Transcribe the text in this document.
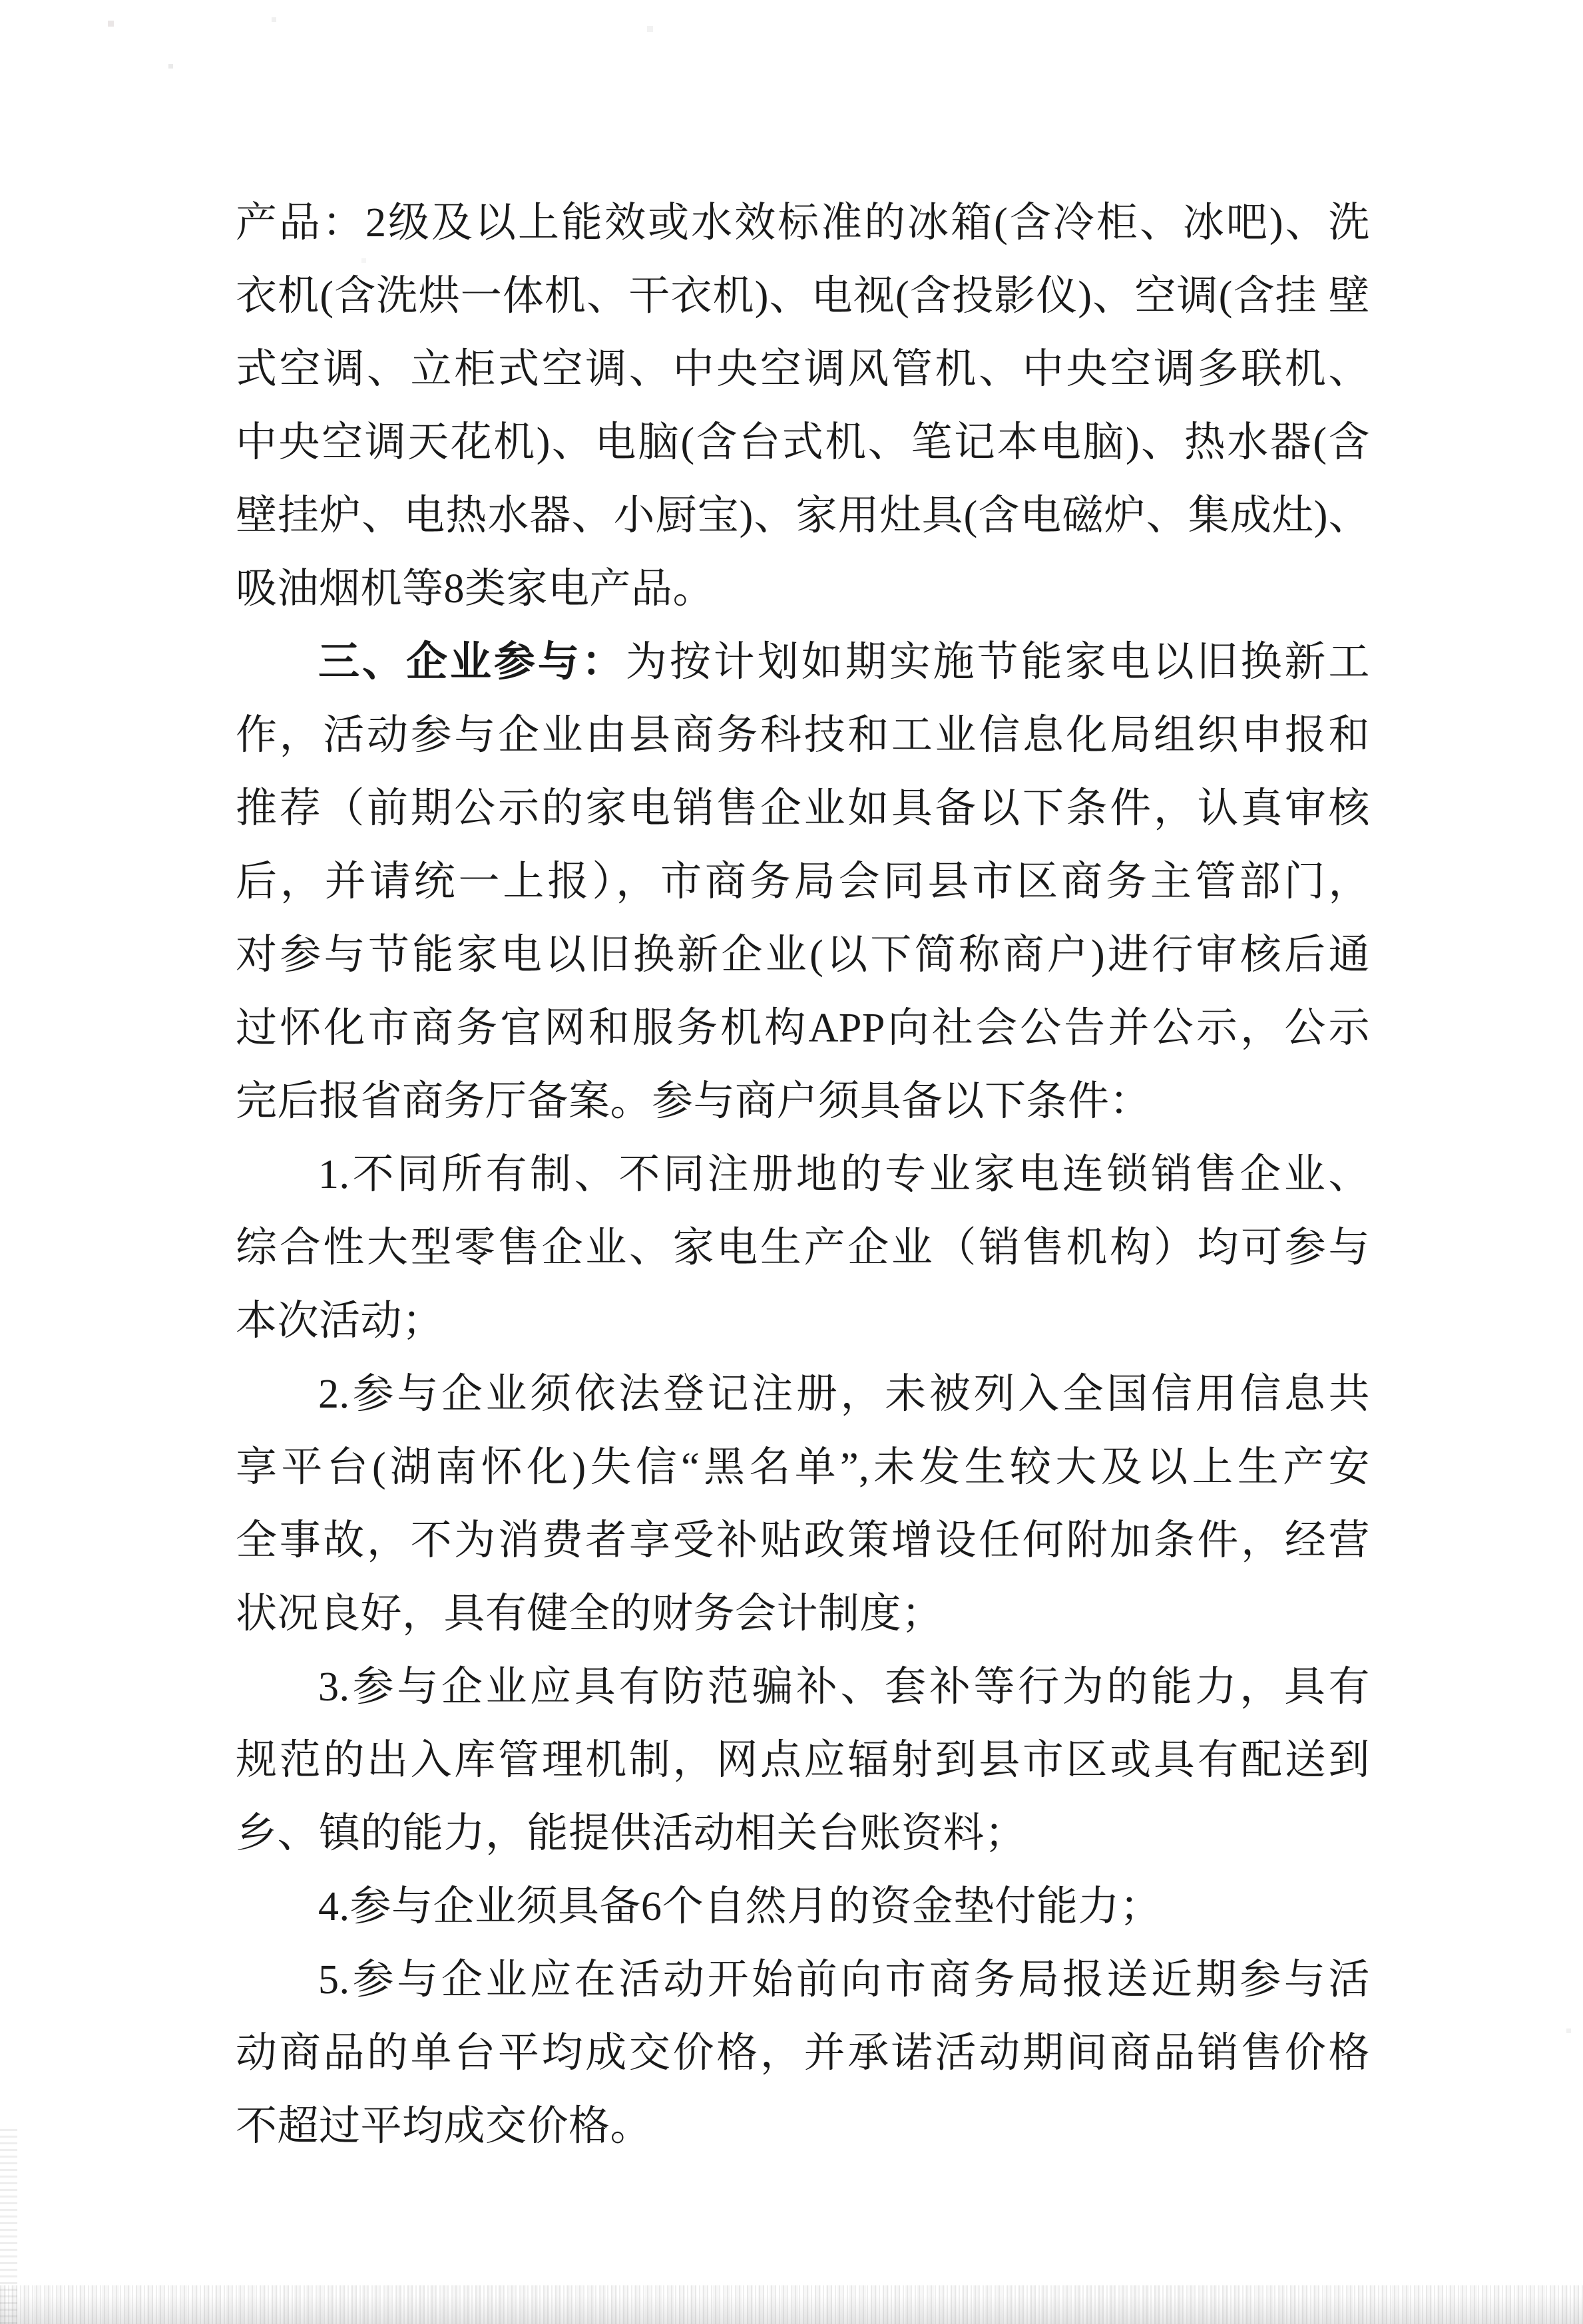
产品：2级及以上能效或水效标准的冰箱(含冷柜、冰吧)、洗
衣机(含洗烘一体机、干衣机)、电视(含投影仪)、空调(含挂 壁
式空调、立柜式空调、中央空调风管机、中央空调多联机、
中央空调天花机)、电脑(含台式机、笔记本电脑)、热水器(含
壁挂炉、电热水器、小厨宝)、家用灶具(含电磁炉、集成灶)、
吸油烟机等8类家电产品。
三、企业参与：为按计划如期实施节能家电以旧换新工
作，活动参与企业由县商务科技和工业信息化局组织申报和
推荐（前期公示的家电销售企业如具备以下条件，认真审核
后，并请统一上报），市商务局会同县市区商务主管部门，
对参与节能家电以旧换新企业(以下简称商户)进行审核后通
过怀化市商务官网和服务机构APP向社会公告并公示，公示
完后报省商务厅备案。参与商户须具备以下条件：
1.不同所有制、不同注册地的专业家电连锁销售企业、
综合性大型零售企业、家电生产企业（销售机构）均可参与
本次活动；
2.参与企业须依法登记注册，未被列入全国信用信息共
享平台(湖南怀化)失信“黑名单”,未发生较大及以上生产安
全事故，不为消费者享受补贴政策增设任何附加条件，经营
状况良好，具有健全的财务会计制度；
3.参与企业应具有防范骗补、套补等行为的能力，具有
规范的出入库管理机制，网点应辐射到县市区或具有配送到
乡、镇的能力，能提供活动相关台账资料；
4.参与企业须具备6个自然月的资金垫付能力；
5.参与企业应在活动开始前向市商务局报送近期参与活
动商品的单台平均成交价格，并承诺活动期间商品销售价格
不超过平均成交价格。
